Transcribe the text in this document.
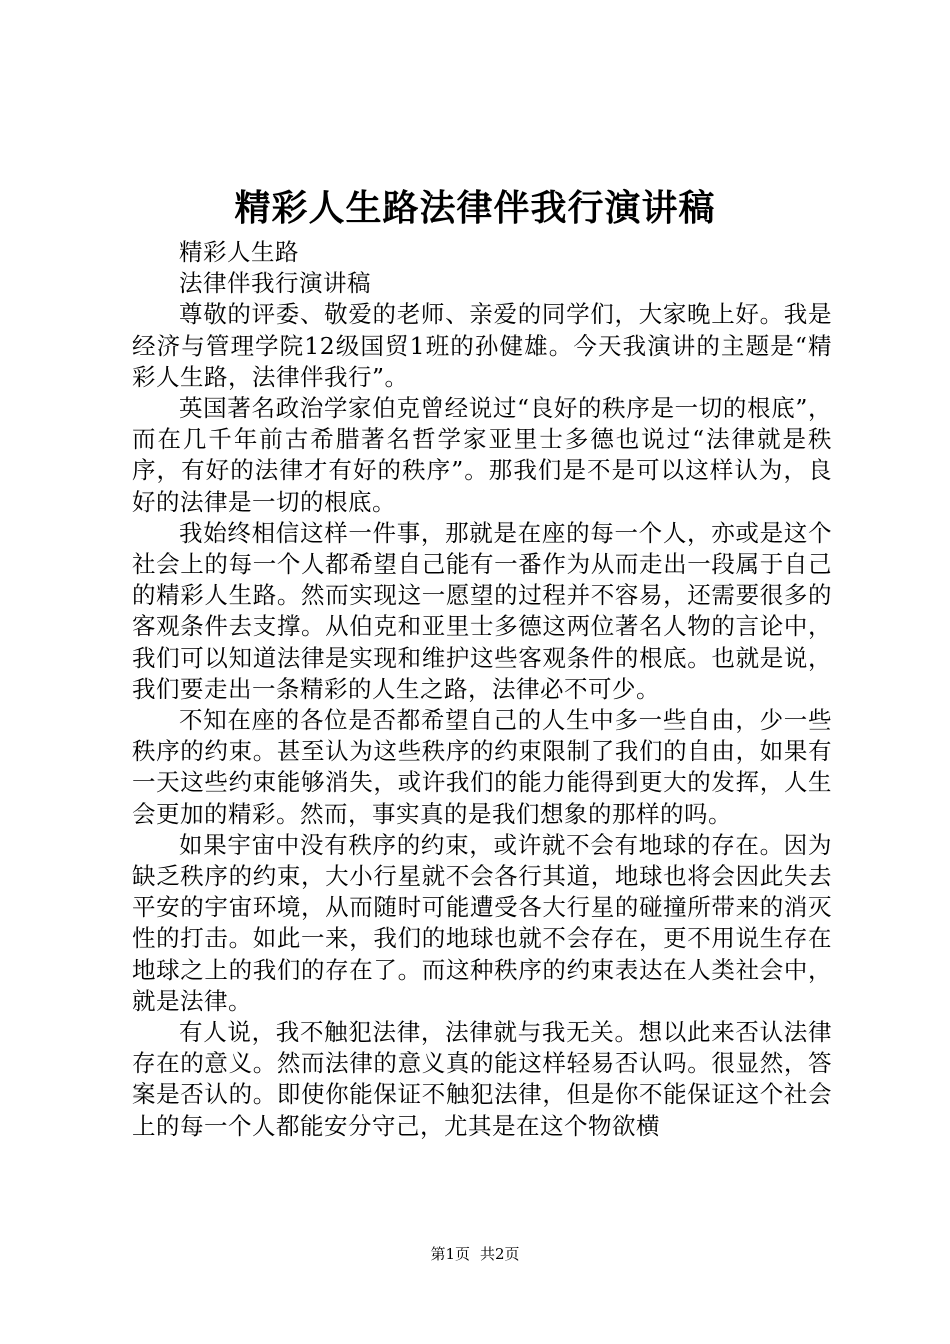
精彩人生路法律伴我行演讲稿

精彩人生路

法律伴我行演讲稿

尊敬的评委、敬爱的老师、亲爱的同学们，大家晚上好。我是经济与管理学院12级国贸1班的孙健雄。今天我演讲的主题是“精彩人生路，法律伴我行”。

英国著名政治学家伯克曾经说过“良好的秩序是一切的根底”，而在几千年前古希腊著名哲学家亚里士多德也说过“法律就是秩序，有好的法律才有好的秩序”。那我们是不是可以这样认为，良好的法律是一切的根底。

我始终相信这样一件事，那就是在座的每一个人，亦或是这个社会上的每一个人都希望自己能有一番作为从而走出一段属于自己的精彩人生路。然而实现这一愿望的过程并不容易，还需要很多的客观条件去支撑。从伯克和亚里士多德这两位著名人物的言论中，我们可以知道法律是实现和维护这些客观条件的根底。也就是说，我们要走出一条精彩的人生之路，法律必不可少。

不知在座的各位是否都希望自己的人生中多一些自由，少一些秩序的约束。甚至认为这些秩序的约束限制了我们的自由，如果有一天这些约束能够消失，或许我们的能力能得到更大的发挥，人生会更加的精彩。然而，事实真的是我们想象的那样的吗。

如果宇宙中没有秩序的约束，或许就不会有地球的存在。因为缺乏秩序的约束，大小行星就不会各行其道，地球也将会因此失去平安的宇宙环境，从而随时可能遭受各大行星的碰撞所带来的消灭性的打击。如此一来，我们的地球也就不会存在，更不用说生存在地球之上的我们的存在了。而这种秩序的约束表达在人类社会中，就是法律。

有人说，我不触犯法律，法律就与我无关。想以此来否认法律存在的意义。然而法律的意义真的能这样轻易否认吗。很显然，答案是否认的。即使你能保证不触犯法律，但是你不能保证这个社会上的每一个人都能安分守己，尤其是在这个物欲横

第1页 共2页
